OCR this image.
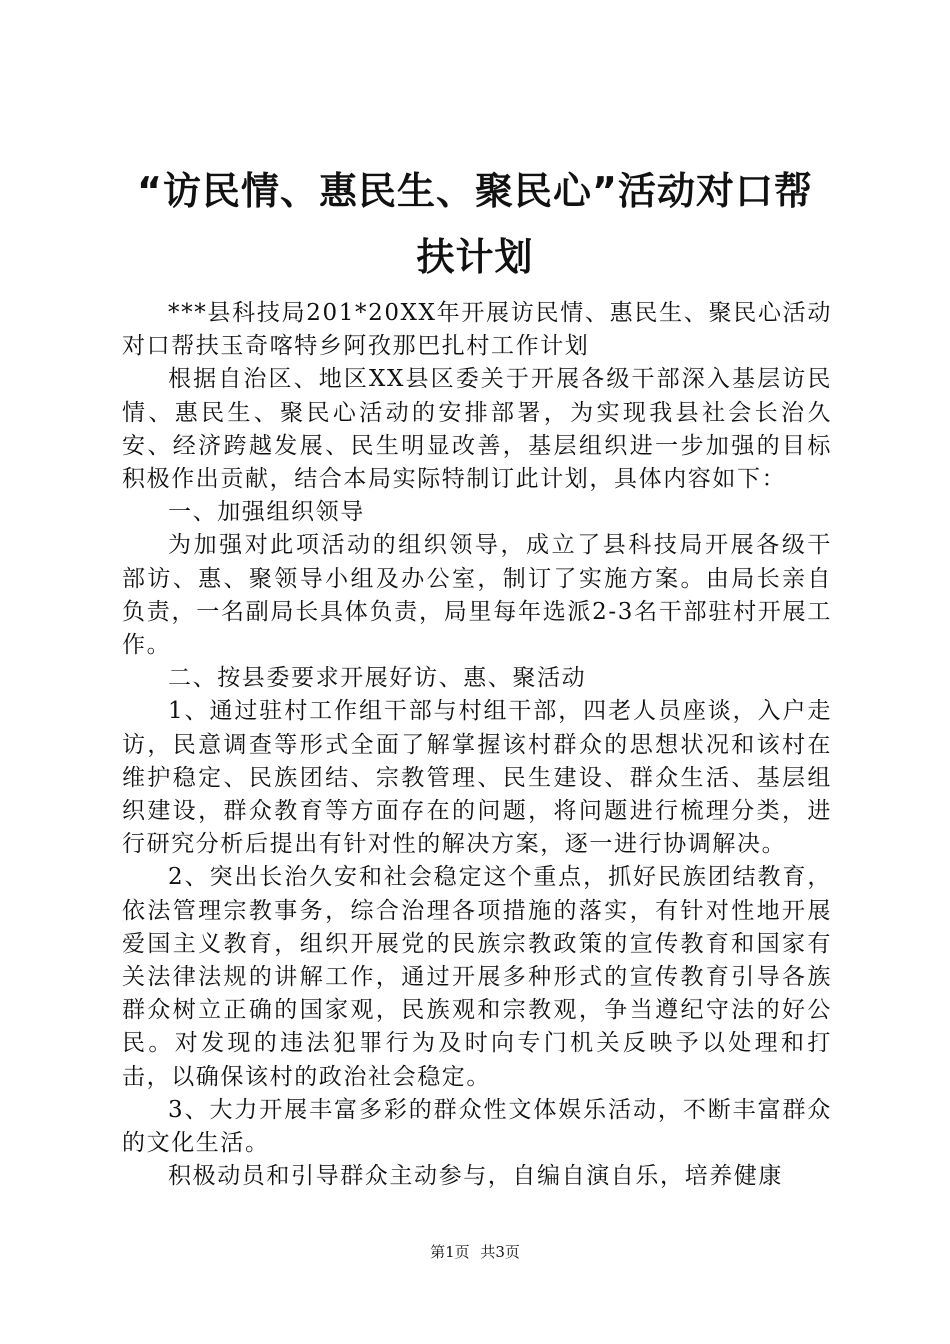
“访民情、惠民生、聚民心”活动对口帮扶计划

***县科技局201*20XX年开展访民情、惠民生、聚民心活动对口帮扶玉奇喀特乡阿孜那巴扎村工作计划

根据自治区、地区XX县区委关于开展各级干部深入基层访民情、惠民生、聚民心活动的安排部署，为实现我县社会长治久安、经济跨越发展、民生明显改善，基层组织进一步加强的目标积极作出贡献，结合本局实际特制订此计划，具体内容如下：

一、加强组织领导

为加强对此项活动的组织领导，成立了县科技局开展各级干部访、惠、聚领导小组及办公室，制订了实施方案。由局长亲自负责，一名副局长具体负责，局里每年选派2-3名干部驻村开展工作。

二、按县委要求开展好访、惠、聚活动

1、通过驻村工作组干部与村组干部，四老人员座谈，入户走访，民意调查等形式全面了解掌握该村群众的思想状况和该村在维护稳定、民族团结、宗教管理、民生建设、群众生活、基层组织建设，群众教育等方面存在的问题，将问题进行梳理分类，进行研究分析后提出有针对性的解决方案，逐一进行协调解决。

2、突出长治久安和社会稳定这个重点，抓好民族团结教育，依法管理宗教事务，综合治理各项措施的落实，有针对性地开展爱国主义教育，组织开展党的民族宗教政策的宣传教育和国家有关法律法规的讲解工作，通过开展多种形式的宣传教育引导各族群众树立正确的国家观，民族观和宗教观，争当遵纪守法的好公民。对发现的违法犯罪行为及时向专门机关反映予以处理和打击，以确保该村的政治社会稳定。

3、大力开展丰富多彩的群众性文体娱乐活动，不断丰富群众的文化生活。

积极动员和引导群众主动参与，自编自演自乐，培养健康

第1页 共3页
